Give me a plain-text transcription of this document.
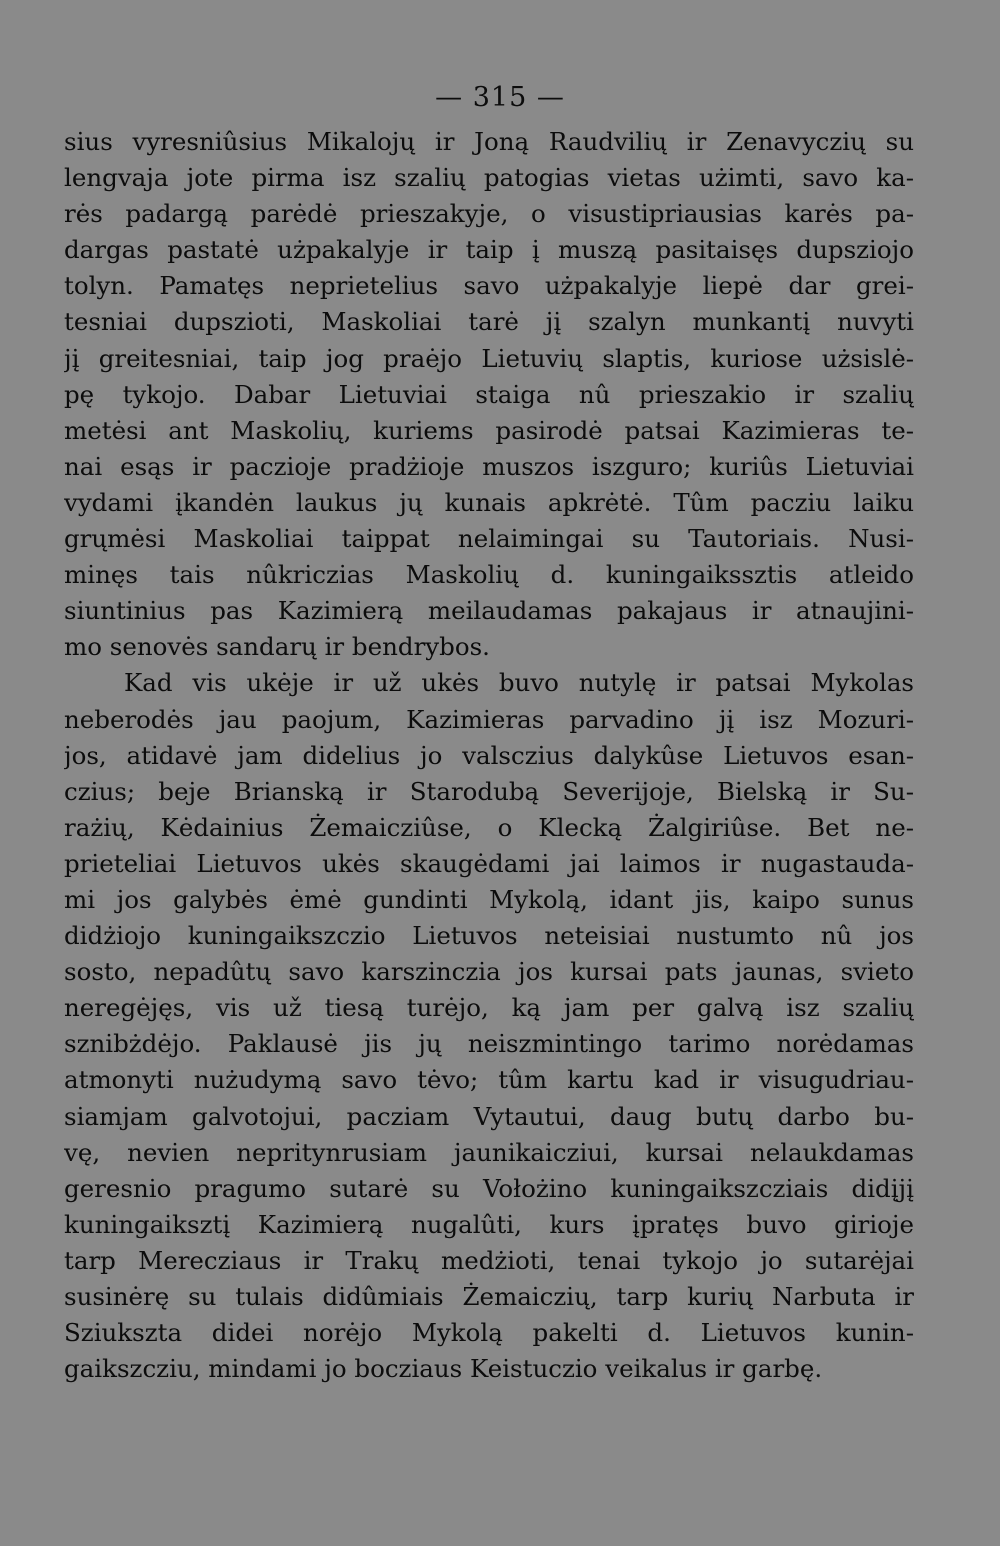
— 315 —
sius vyresniûsius Mikalojų ir Joną Raudvilių ir Zenavyczių su
lengvaja jote pirma isz szalių patogias vietas użimti, savo ka-
rės padargą parėdė prieszakyje, o visustipriausias karės pa-
dargas pastatė użpakalyje ir taip į muszą pasitaisęs dupsziojo
tolyn. Pamatęs neprietelius savo użpakalyje liepė dar grei-
tesniai dupszioti, Maskoliai tarė jį szalyn munkantį nuvyti
jį greitesniai, taip jog praėjo Lietuvių slaptis, kuriose użsislė-
pę tykojo. Dabar Lietuviai staiga nû prieszakio ir szalių
metėsi ant Maskolių, kuriems pasirodė patsai Kazimieras te-
nai esąs ir paczioje pradżioje muszos iszguro; kuriûs Lietuviai
vydami įkandėn laukus jų kunais apkrėtė. Tûm pacziu laiku
grųmėsi Maskoliai taippat nelaimingai su Tautoriais. Nusi-
minęs tais nûkriczias Maskolių d. kuningaikssztis atleido
siuntinius pas Kazimierą meilaudamas pakajaus ir atnaujini-
mo senovės sandarų ir bendrybos.
Kad vis ukėje ir už ukės buvo nutylę ir patsai Mykolas
neberodės jau paojum, Kazimieras parvadino jį isz Mozuri-
jos, atidavė jam didelius jo valsczius dalykûse Lietuvos esan-
czius; beje Brianską ir Starodubą Severijoje, Bielską ir Su-
rażių, Kėdainius Żemaicziûse, o Klecką Żalgiriûse. Bet ne-
prieteliai Lietuvos ukės skaugėdami jai laimos ir nugastauda-
mi jos galybės ėmė gundinti Mykolą, idant jis, kaipo sunus
didżiojo kuningaikszczio Lietuvos neteisiai nustumto nû jos
sosto, nepadûtų savo karszinczia jos kursai pats jaunas, svieto
neregėjęs, vis už tiesą turėjo, ką jam per galvą isz szalių
sznibżdėjo. Paklausė jis jų neiszmintingo tarimo norėdamas
atmonyti nużudymą savo tėvo; tûm kartu kad ir visugudriau-
siamjam galvotojui, pacziam Vytautui, daug butų darbo bu-
vę, nevien nepritynrusiam jaunikaicziui, kursai nelaukdamas
geresnio pragumo sutarė su Vołożino kuningaikszcziais didįjį
kuningaiksztį Kazimierą nugalûti, kurs įpratęs buvo girioje
tarp Merecziaus ir Trakų medżioti, tenai tykojo jo sutarėjai
susinėrę su tulais didûmiais Żemaiczių, tarp kurių Narbuta ir
Sziuksztа didei norėjo Mykolą pakelti d. Lietuvos kunin-
gaikszcziu, mindami jo bocziaus Keistuczio veikalus ir garbę.
